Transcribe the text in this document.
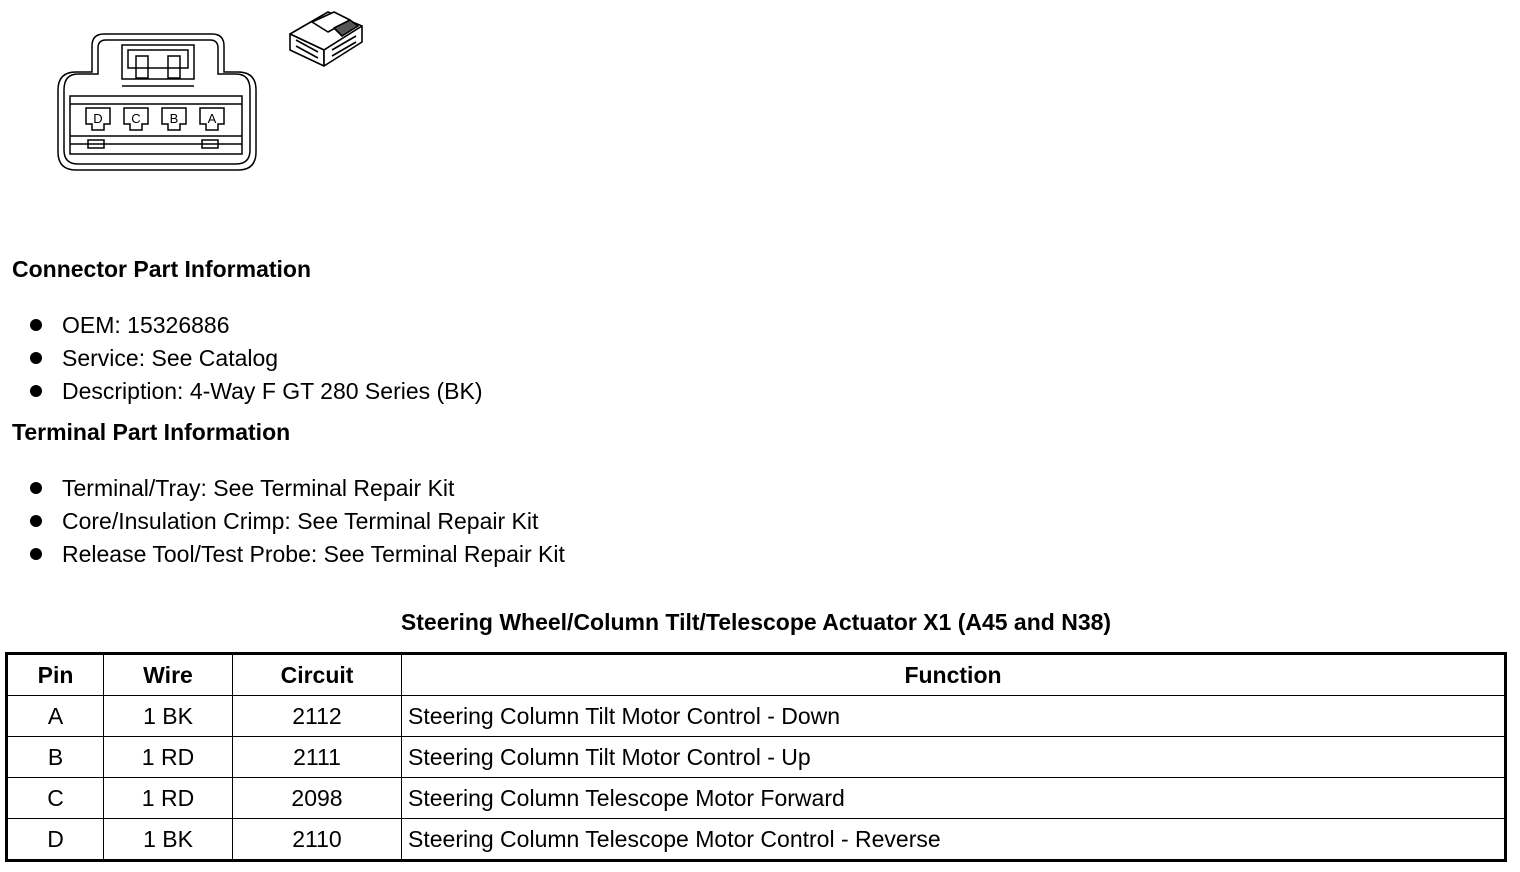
D C B A
Connector Part Information
OEM: 15326886
Service: See Catalog
Description: 4-Way F GT 280 Series (BK)
Terminal Part Information
Terminal/Tray: See Terminal Repair Kit
Core/Insulation Crimp: See Terminal Repair Kit
Release Tool/Test Probe: See Terminal Repair Kit
Steering Wheel/Column Tilt/Telescope Actuator X1 (A45 and N38)
Pin	Wire	Circuit	Function
A	1 BK	2112	Steering Column Tilt Motor Control - Down
B	1 RD	2111	Steering Column Tilt Motor Control - Up
C	1 RD	2098	Steering Column Telescope Motor Forward
D	1 BK	2110	Steering Column Telescope Motor Control - Reverse
